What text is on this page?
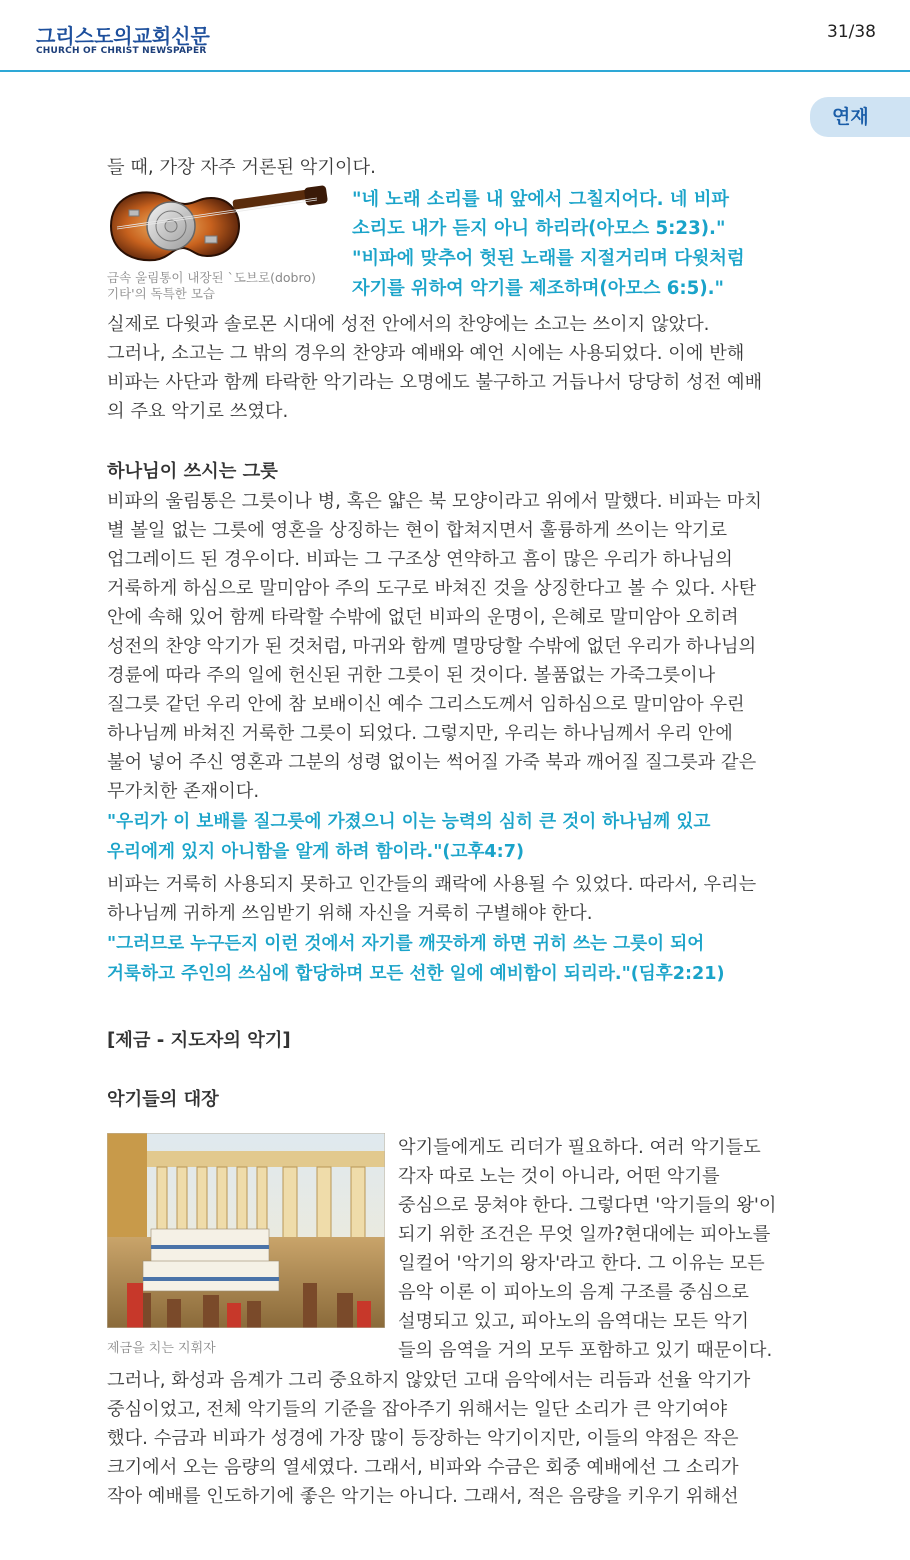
그리스도의교회신문
CHURCH OF CHRIST NEWSPAPER
31/38
연재
들 때, 가장 자주 거론된 악기이다.
금속 울림통이 내장된 `도브로(dobro)
기타'의 독특한 모습
"네 노래 소리를 내 앞에서 그칠지어다. 네 비파
소리도 내가 듣지 아니 하리라(아모스 5:23)."
"비파에 맞추어 헛된 노래를 지절거리며 다윗처럼
자기를 위하여 악기를 제조하며(아모스 6:5)."
실제로 다윗과 솔로몬 시대에 성전 안에서의 찬양에는 소고는 쓰이지 않았다.
그러나, 소고는 그 밖의 경우의 찬양과 예배와 예언 시에는 사용되었다. 이에 반해
비파는 사단과 함께 타락한 악기라는 오명에도 불구하고 거듭나서 당당히 성전 예배
의 주요 악기로 쓰였다.
하나님이 쓰시는 그릇
비파의 울림통은 그릇이나 병, 혹은 얇은 북 모양이라고 위에서 말했다. 비파는 마치
별 볼일 없는 그릇에 영혼을 상징하는 현이 합쳐지면서 훌륭하게 쓰이는 악기로
업그레이드 된 경우이다. 비파는 그 구조상 연약하고 흠이 많은 우리가 하나님의
거룩하게 하심으로 말미암아 주의 도구로 바쳐진 것을 상징한다고 볼 수 있다. 사탄
안에 속해 있어 함께 타락할 수밖에 없던 비파의 운명이, 은혜로 말미암아 오히려
성전의 찬양 악기가 된 것처럼, 마귀와 함께 멸망당할 수밖에 없던 우리가 하나님의
경륜에 따라 주의 일에 헌신된 귀한 그릇이 된 것이다. 볼품없는 가죽그릇이나
질그릇 같던 우리 안에 참 보배이신 예수 그리스도께서 임하심으로 말미암아 우린
하나님께 바쳐진 거룩한 그릇이 되었다. 그렇지만, 우리는 하나님께서 우리 안에
불어 넣어 주신 영혼과 그분의 성령 없이는 썩어질 가죽 북과 깨어질 질그릇과 같은
무가치한 존재이다.
"우리가 이 보배를 질그릇에 가졌으니 이는 능력의 심히 큰 것이 하나님께 있고
우리에게 있지 아니함을 알게 하려 함이라."(고후4:7)
비파는 거룩히 사용되지 못하고 인간들의 쾌락에 사용될 수 있었다. 따라서, 우리는
하나님께 귀하게 쓰임받기 위해 자신을 거룩히 구별해야 한다.
"그러므로 누구든지 이런 것에서 자기를 깨끗하게 하면 귀히 쓰는 그릇이 되어
거룩하고 주인의 쓰심에 합당하며 모든 선한 일에 예비함이 되리라."(딤후2:21)
[제금 - 지도자의 악기]
악기들의 대장
제금을 치는 지휘자
악기들에게도 리더가 필요하다. 여러 악기들도
각자 따로 노는 것이 아니라, 어떤 악기를
중심으로 뭉쳐야 한다. 그렇다면 '악기들의 왕'이
되기 위한 조건은 무엇 일까?현대에는 피아노를
일컬어 '악기의 왕자'라고 한다. 그 이유는 모든
음악 이론 이 피아노의 음계 구조를 중심으로
설명되고 있고, 피아노의 음역대는 모든 악기
들의 음역을 거의 모두 포함하고 있기 때문이다.
그러나, 화성과 음계가 그리 중요하지 않았던 고대 음악에서는 리듬과 선율 악기가
중심이었고, 전체 악기들의 기준을 잡아주기 위해서는 일단 소리가 큰 악기여야
했다. 수금과 비파가 성경에 가장 많이 등장하는 악기이지만, 이들의 약점은 작은
크기에서 오는 음량의 열세였다. 그래서, 비파와 수금은 회중 예배에선 그 소리가
작아 예배를 인도하기에 좋은 악기는 아니다. 그래서, 적은 음량을 키우기 위해선
